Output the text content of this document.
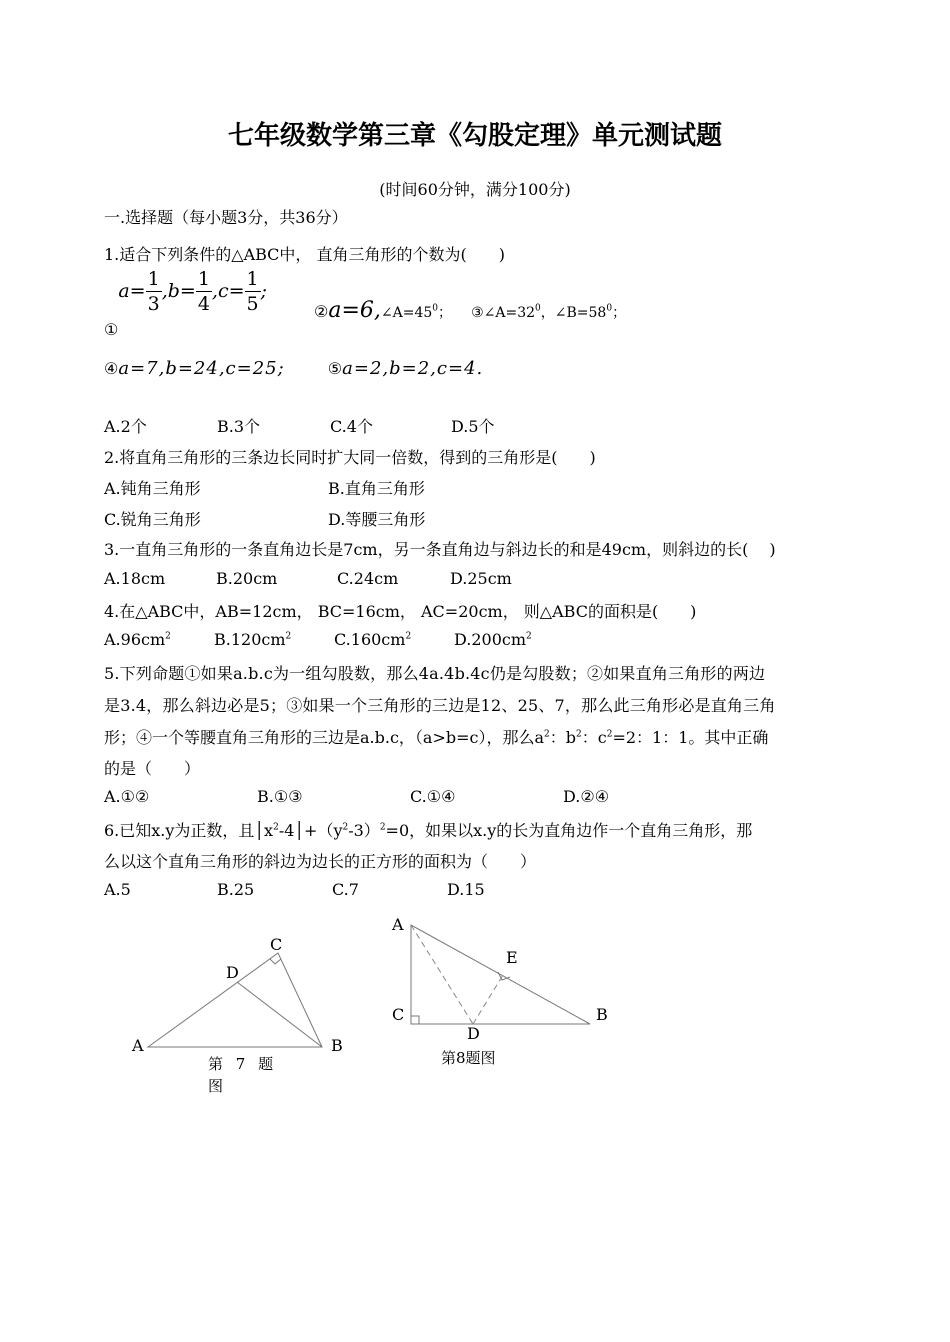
七年级数学第三章《勾股定理》单元测试题
(时间60分钟，满分100分)
一.选择题（每小题3分，共36分）
1.适合下列条件的△ABC中， 直角三角形的个数为(　　)
$_①a= \frac{1}{3} ,b= \frac{1}{4} ,c= \frac{1}{5}$ ;
$②a=6,\angle A=45^0$； $③\angle A=32^0$，$\angle B=58^0$；
④a=7,b=24,c=25;	⑤a=2,b=2,c=4.
A.2个	B.3个	C.4个	D.5个
2.将直角三角形的三条边长同时扩大同一倍数，得到的三角形是(　　)
A.钝角三角形	B.直角三角形
C.锐角三角形	D.等腰三角形
3.一直角三角形的一条直角边长是7cm，另一条直角边与斜边长的和是49cm，则斜边的长(　 )
A.18cm	B.20cm	C.24cm	D.25cm
4.在△ABC中，AB=12cm， BC=16cm， AC=20cm， 则△ABC的面积是(　　)
$A.96cm^2$	$B.120cm^2$	$C.160cm^2$	$D.200cm^2$
5.下列命题①如果a.b.c为一组勾股数，那么4a.4b.4c仍是勾股数；②如果直角三角形的两边
是3.4，那么斜边必是5；③如果一个三角形的三边是12、25、7，那么此三角形必是直角三角
形；④一个等腰直角三角形的三边是a.b.c，（a>b=c），那么$a^2$：$b^2$：$c^2=2$：1：1。其中正确
的是（　　）
A.①②	B.①③	C.①④	D.②④
6.已知x.y为正数，且$│x^2-4│+(y^2-3)^2=0$，如果以x.y的长为直角边作一个直角三角形，那
么以这个直角三角形的斜边为边长的正方形的面积为（　　）
A.5	B.25	C.7	D.15
C
D
A	B
第 7 题
图
A
E
C
D
B
第8题图
